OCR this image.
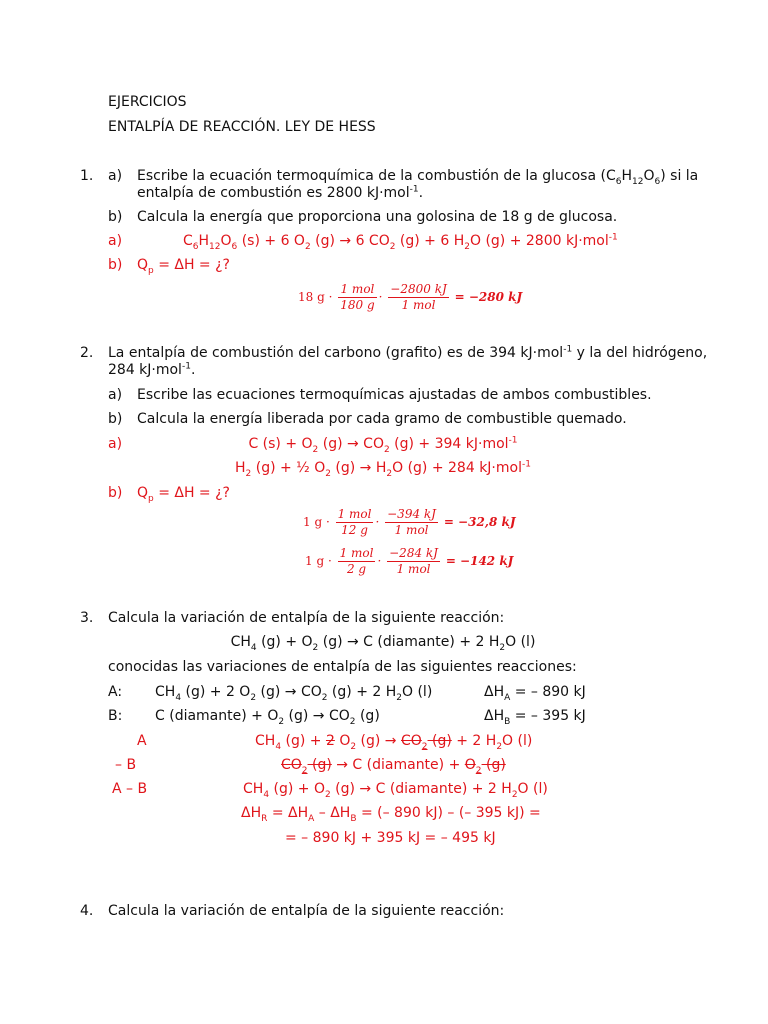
EJERCICIOS
ENTALPÍA DE REACCIÓN. LEY DE HESS
1. a) Escribe la ecuación termoquímica de la combustión de la glucosa $(C_6H_{12}O_6)$ si la
entalpía de combustión es 2800 kJ·mol$^{-1}$.
b) Calcula la energía que proporciona una golosina de 18 g de glucosa.
a)	$C_6H_{12}O_6$ (s) + 6 $O_2$ (g) → 6 $CO_2$ (g) + 6 $H_2O$ (g) + 2800 kJ·mol$^{-1}$
b) $Q_p = \Delta H$ = ¿?
18 g ·
1 mol
180 g
·
−2800 kJ
1 mol
= −280 kJ
2. La entalpía de combustión del carbono (grafito) es de 394 kJ·mol$^{-1}$ y la del hidrógeno,
284 kJ·mol$^{-1}$.
a) Escribe las ecuaciones termoquímicas ajustadas de ambos combustibles.
b) Calcula la energía liberada por cada gramo de combustible quemado.
a)	C $(s) + O_2$ $(g) \to CO_2$ (g) + 394 kJ·mol$^{-1}$
$H_2$ (g) + ½ $O_2$ $(g) \to H_2O$ (g) + 284 kJ·mol$^{-1}$
b) $Q_p = \Delta H$ = ¿?
1 g ·
1 mol
12 g
·
−394 kJ
1 mol
= −32,8 kJ
1 g ·
1 mol
2 g
·
−284 kJ
1 mol
= −142 kJ
3. Calcula la variación de entalpía de la siguiente reacción:
$CH_4$ $(g) + O_2$ (g) → C (diamante) + 2 $H_2O$ (l)
conocidas las variaciones de entalpía de las siguientes reacciones:
A: $CH_4$ (g) + 2 $O_2$ $(g) \to CO_2$ (g) + 2 $H_2O$ (l)	$\Delta H_A$ = – 890 kJ
B: C (diamante) + $O_2$ $(g) \to CO_2$ (g)	$\Delta H_B$ = – 395 kJ
A	$CH_4$ (g) + 2 $O_2$ $(g) \to CO_2$ (g) + 2 $H_2O$ (l)
– B	$CO_2$ (g) → C (diamante) + $O_2$ (g)
A – B	$CH_4$ $(g) + O_2$ (g) → C (diamante) + 2 $H_2O$ (l)
$\Delta H_R = \Delta H_A - \Delta H_B$ = (– 890 kJ) – (– 395 kJ) =
= – 890 kJ + 395 kJ = – 495 kJ
4. Calcula la variación de entalpía de la siguiente reacción:
